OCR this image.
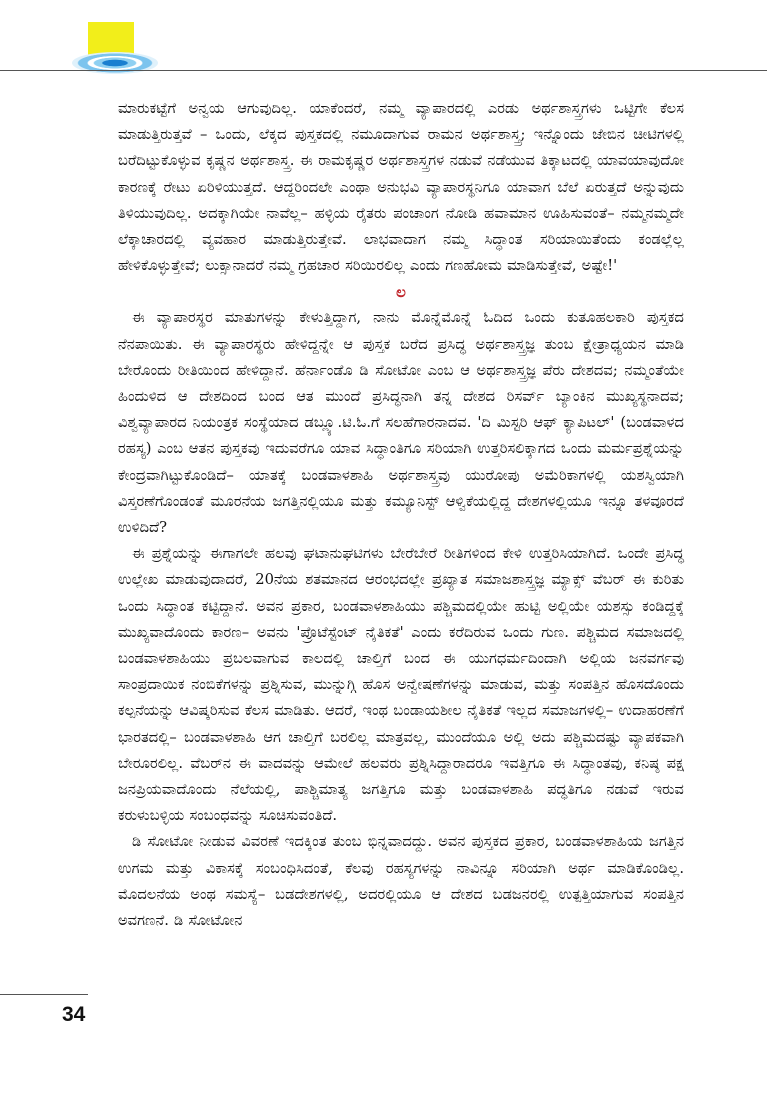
ಮಾರುಕಟ್ಟೆಗೆ ಅನ್ವಯ ಆಗುವುದಿಲ್ಲ. ಯಾಕೆಂದರೆ, ನಮ್ಮ ವ್ಯಾಪಾರದಲ್ಲಿ ಎರಡು ಅರ್ಥಶಾಸ್ತ್ರಗಳು ಒಟ್ಟಿಗೇ ಕೆಲಸ ಮಾಡುತ್ತಿರುತ್ತವೆ – ಒಂದು, ಲೆಕ್ಕದ ಪುಸ್ತಕದಲ್ಲಿ ನಮೂದಾಗುವ ರಾಮನ ಅರ್ಥಶಾಸ್ತ್ರ; ಇನ್ನೊಂದು ಜೇಬಿನ ಚೀಟಿಗಳಲ್ಲಿ ಬರೆದಿಟ್ಟುಕೊಳ್ಳುವ ಕೃಷ್ಣನ ಅರ್ಥಶಾಸ್ತ್ರ. ಈ ರಾಮಕೃಷ್ಣರ ಅರ್ಥಶಾಸ್ತ್ರಗಳ ನಡುವೆ ನಡೆಯುವ ತಿಕ್ಕಾಟದಲ್ಲಿ ಯಾವಯಾವುದೋ ಕಾರಣಕ್ಕೆ ರೇಟು ಏರಿಳಿಯುತ್ತದೆ. ಆದ್ದರಿಂದಲೇ ಎಂಥಾ ಅನುಭವಿ ವ್ಯಾಪಾರಸ್ಥನಿಗೂ ಯಾವಾಗ ಬೆಲೆ ಏರುತ್ತದೆ ಅನ್ನುವುದು ತಿಳಿಯುವುದಿಲ್ಲ. ಅದಕ್ಕಾಗಿಯೇ ನಾವೆಲ್ಲ– ಹಳ್ಳಿಯ ರೈತರು ಪಂಚಾಂಗ ನೋಡಿ ಹವಾಮಾನ ಊಹಿಸುವಂತೆ– ನಮ್ಮನಮ್ಮದೇ ಲೆಕ್ಕಾಚಾರದಲ್ಲಿ ವ್ಯವಹಾರ ಮಾಡುತ್ತಿರುತ್ತೇವೆ. ಲಾಭವಾದಾಗ ನಮ್ಮ ಸಿದ್ಧಾಂತ ಸರಿಯಾಯಿತೆಂದು ಕಂಡಲ್ಲೆಲ್ಲ ಹೇಳಿಕೊಳ್ಳುತ್ತೇವೆ; ಲುಕ್ಸಾನಾದರೆ ನಮ್ಮ ಗ್ರಹಚಾರ ಸರಿಯಿರಲಿಲ್ಲ ಎಂದು ಗಣಹೋಮ ಮಾಡಿಸುತ್ತೇವೆ, ಅಷ್ಟೇ!'

ಲ

ಈ ವ್ಯಾಪಾರಸ್ಥರ ಮಾತುಗಳನ್ನು ಕೇಳುತ್ತಿದ್ದಾಗ, ನಾನು ಮೊನ್ನೆಮೊನ್ನೆ ಓದಿದ ಒಂದು ಕುತೂಹಲಕಾರಿ ಪುಸ್ತಕದ ನೆನಪಾಯಿತು. ಈ ವ್ಯಾಪಾರಸ್ಥರು ಹೇಳಿದ್ದನ್ನೇ ಆ ಪುಸ್ತಕ ಬರೆದ ಪ್ರಸಿದ್ಧ ಅರ್ಥಶಾಸ್ತ್ರಜ್ಞ ತುಂಬ ಕ್ಷೇತ್ರಾಧ್ಯಯನ ಮಾಡಿ ಬೇರೊಂದು ರೀತಿಯಿಂದ ಹೇಳಿದ್ದಾನೆ. ಹೆರ್ನಾಂಡೊ ಡಿ ಸೋಟೋ ಎಂಬ ಆ ಅರ್ಥಶಾಸ್ತ್ರಜ್ಞ ಪೆರು ದೇಶದವ; ನಮ್ಮಂತೆಯೇ ಹಿಂದುಳಿದ ಆ ದೇಶದಿಂದ ಬಂದ ಆತ ಮುಂದೆ ಪ್ರಸಿದ್ಧನಾಗಿ ತನ್ನ ದೇಶದ ರಿಸರ್ವ್ ಬ್ಯಾಂಕಿನ ಮುಖ್ಯಸ್ಥನಾದವ; ವಿಶ್ವವ್ಯಾಪಾರದ ನಿಯಂತ್ರಕ ಸಂಸ್ಥೆಯಾದ ಡಬ್ಲ್ಯೂ.ಟಿ.ಓ.ಗೆ ಸಲಹೆಗಾರನಾದವ. 'ದಿ ಮಿಸ್ಟರಿ ಆಫ್ ಕ್ಯಾಪಿಟಲ್' (ಬಂಡವಾಳದ ರಹಸ್ಯ) ಎಂಬ ಆತನ ಪುಸ್ತಕವು ಇದುವರೆಗೂ ಯಾವ ಸಿದ್ಧಾಂತಿಗೂ ಸರಿಯಾಗಿ ಉತ್ತರಿಸಲಿಕ್ಕಾಗದ ಒಂದು ಮರ್ಮಪ್ರಶ್ನೆಯನ್ನು ಕೇಂದ್ರವಾಗಿಟ್ಟುಕೊಂಡಿದೆ– ಯಾತಕ್ಕೆ ಬಂಡವಾಳಶಾಹಿ ಅರ್ಥಶಾಸ್ತ್ರವು ಯುರೋಪು ಅಮೆರಿಕಾಗಳಲ್ಲಿ ಯಶಸ್ವಿಯಾಗಿ ವಿಸ್ತರಣೆಗೊಂಡಂತೆ ಮೂರನೆಯ ಜಗತ್ತಿನಲ್ಲಿಯೂ ಮತ್ತು ಕಮ್ಯೂನಿಸ್ಟ್ ಆಳ್ವಿಕೆಯಲ್ಲಿದ್ದ ದೇಶಗಳಲ್ಲಿಯೂ ಇನ್ನೂ ತಳವೂರದೆ ಉಳಿದಿದೆ?

ಈ ಪ್ರಶ್ನೆಯನ್ನು ಈಗಾಗಲೇ ಹಲವು ಘಟಾನುಘಟಿಗಳು ಬೇರೆಬೇರೆ ರೀತಿಗಳಿಂದ ಕೇಳಿ ಉತ್ತರಿಸಿಯಾಗಿದೆ. ಒಂದೇ ಪ್ರಸಿದ್ಧ ಉಲ್ಲೇಖ ಮಾಡುವುದಾದರೆ, 20ನೆಯ ಶತಮಾನದ ಆರಂಭದಲ್ಲೇ ಪ್ರಖ್ಯಾತ ಸಮಾಜಶಾಸ್ತ್ರಜ್ಞ ಮ್ಯಾಕ್ಸ್ ವೆಬರ್ ಈ ಕುರಿತು ಒಂದು ಸಿದ್ಧಾಂತ ಕಟ್ಟಿದ್ದಾನೆ. ಅವನ ಪ್ರಕಾರ, ಬಂಡವಾಳಶಾಹಿಯು ಪಶ್ಚಿಮದಲ್ಲಿಯೇ ಹುಟ್ಟಿ ಅಲ್ಲಿಯೇ ಯಶಸ್ಸು ಕಂಡಿದ್ದಕ್ಕೆ ಮುಖ್ಯವಾದೊಂದು ಕಾರಣ– ಅವನು 'ಪ್ರೊಟೆಸ್ಟೆಂಟ್ ನೈತಿಕತೆ' ಎಂದು ಕರೆದಿರುವ ಒಂದು ಗುಣ. ಪಶ್ಚಿಮದ ಸಮಾಜದಲ್ಲಿ ಬಂಡವಾಳಶಾಹಿಯು ಪ್ರಬಲವಾಗುವ ಕಾಲದಲ್ಲಿ ಚಾಲ್ತಿಗೆ ಬಂದ ಈ ಯುಗಧರ್ಮದಿಂದಾಗಿ ಅಲ್ಲಿಯ ಜನವರ್ಗವು ಸಾಂಪ್ರದಾಯಿಕ ನಂಬಿಕೆಗಳನ್ನು ಪ್ರಶ್ನಿಸುವ, ಮುನ್ನುಗ್ಗಿ ಹೊಸ ಅನ್ವೇಷಣೆಗಳನ್ನು ಮಾಡುವ, ಮತ್ತು ಸಂಪತ್ತಿನ ಹೊಸದೊಂದು ಕಲ್ಪನೆಯನ್ನು ಆವಿಷ್ಕರಿಸುವ ಕೆಲಸ ಮಾಡಿತು. ಆದರೆ, ಇಂಥ ಬಂಡಾಯಶೀಲ ನೈತಿಕತೆ ಇಲ್ಲದ ಸಮಾಜಗಳಲ್ಲಿ– ಉದಾಹರಣೆಗೆ ಭಾರತದಲ್ಲಿ– ಬಂಡವಾಳಶಾಹಿ ಆಗ ಚಾಲ್ತಿಗೆ ಬರಲಿಲ್ಲ ಮಾತ್ರವಲ್ಲ, ಮುಂದೆಯೂ ಅಲ್ಲಿ ಅದು ಪಶ್ಚಿಮದಷ್ಟು ವ್ಯಾಪಕವಾಗಿ ಬೇರೂರಲಿಲ್ಲ. ವೆಬರ್‌ನ ಈ ವಾದವನ್ನು ಆಮೇಲೆ ಹಲವರು ಪ್ರಶ್ನಿಸಿದ್ದಾರಾದರೂ ಇವತ್ತಿಗೂ ಈ ಸಿದ್ಧಾಂತವು, ಕನಿಷ್ಠ ಪಕ್ಷ ಜನಪ್ರಿಯವಾದೊಂದು ನೆಲೆಯಲ್ಲಿ, ಪಾಶ್ಚಿಮಾತ್ಯ ಜಗತ್ತಿಗೂ ಮತ್ತು ಬಂಡವಾಳಶಾಹಿ ಪದ್ಧತಿಗೂ ನಡುವೆ ಇರುವ ಕರುಳುಬಳ್ಳಿಯ ಸಂಬಂಧವನ್ನು ಸೂಚಿಸುವಂತಿದೆ.

ಡಿ ಸೋಟೋ ನೀಡುವ ವಿವರಣೆ ಇದಕ್ಕಿಂತ ತುಂಬ ಭಿನ್ನವಾದದ್ದು. ಅವನ ಪುಸ್ತಕದ ಪ್ರಕಾರ, ಬಂಡವಾಳಶಾಹಿಯ ಜಗತ್ತಿನ ಉಗಮ ಮತ್ತು ವಿಕಾಸಕ್ಕೆ ಸಂಬಂಧಿಸಿದಂತೆ, ಕೆಲವು ರಹಸ್ಯಗಳನ್ನು ನಾವಿನ್ನೂ ಸರಿಯಾಗಿ ಅರ್ಥ ಮಾಡಿಕೊಂಡಿಲ್ಲ. ಮೊದಲನೆಯ ಅಂಥ ಸಮಸ್ಯೆ– ಬಡದೇಶಗಳಲ್ಲಿ, ಅದರಲ್ಲಿಯೂ ಆ ದೇಶದ ಬಡಜನರಲ್ಲಿ ಉತ್ಪತ್ತಿಯಾಗುವ ಸಂಪತ್ತಿನ ಅವಗಣನೆ. ಡಿ ಸೋಟೋನ

34
